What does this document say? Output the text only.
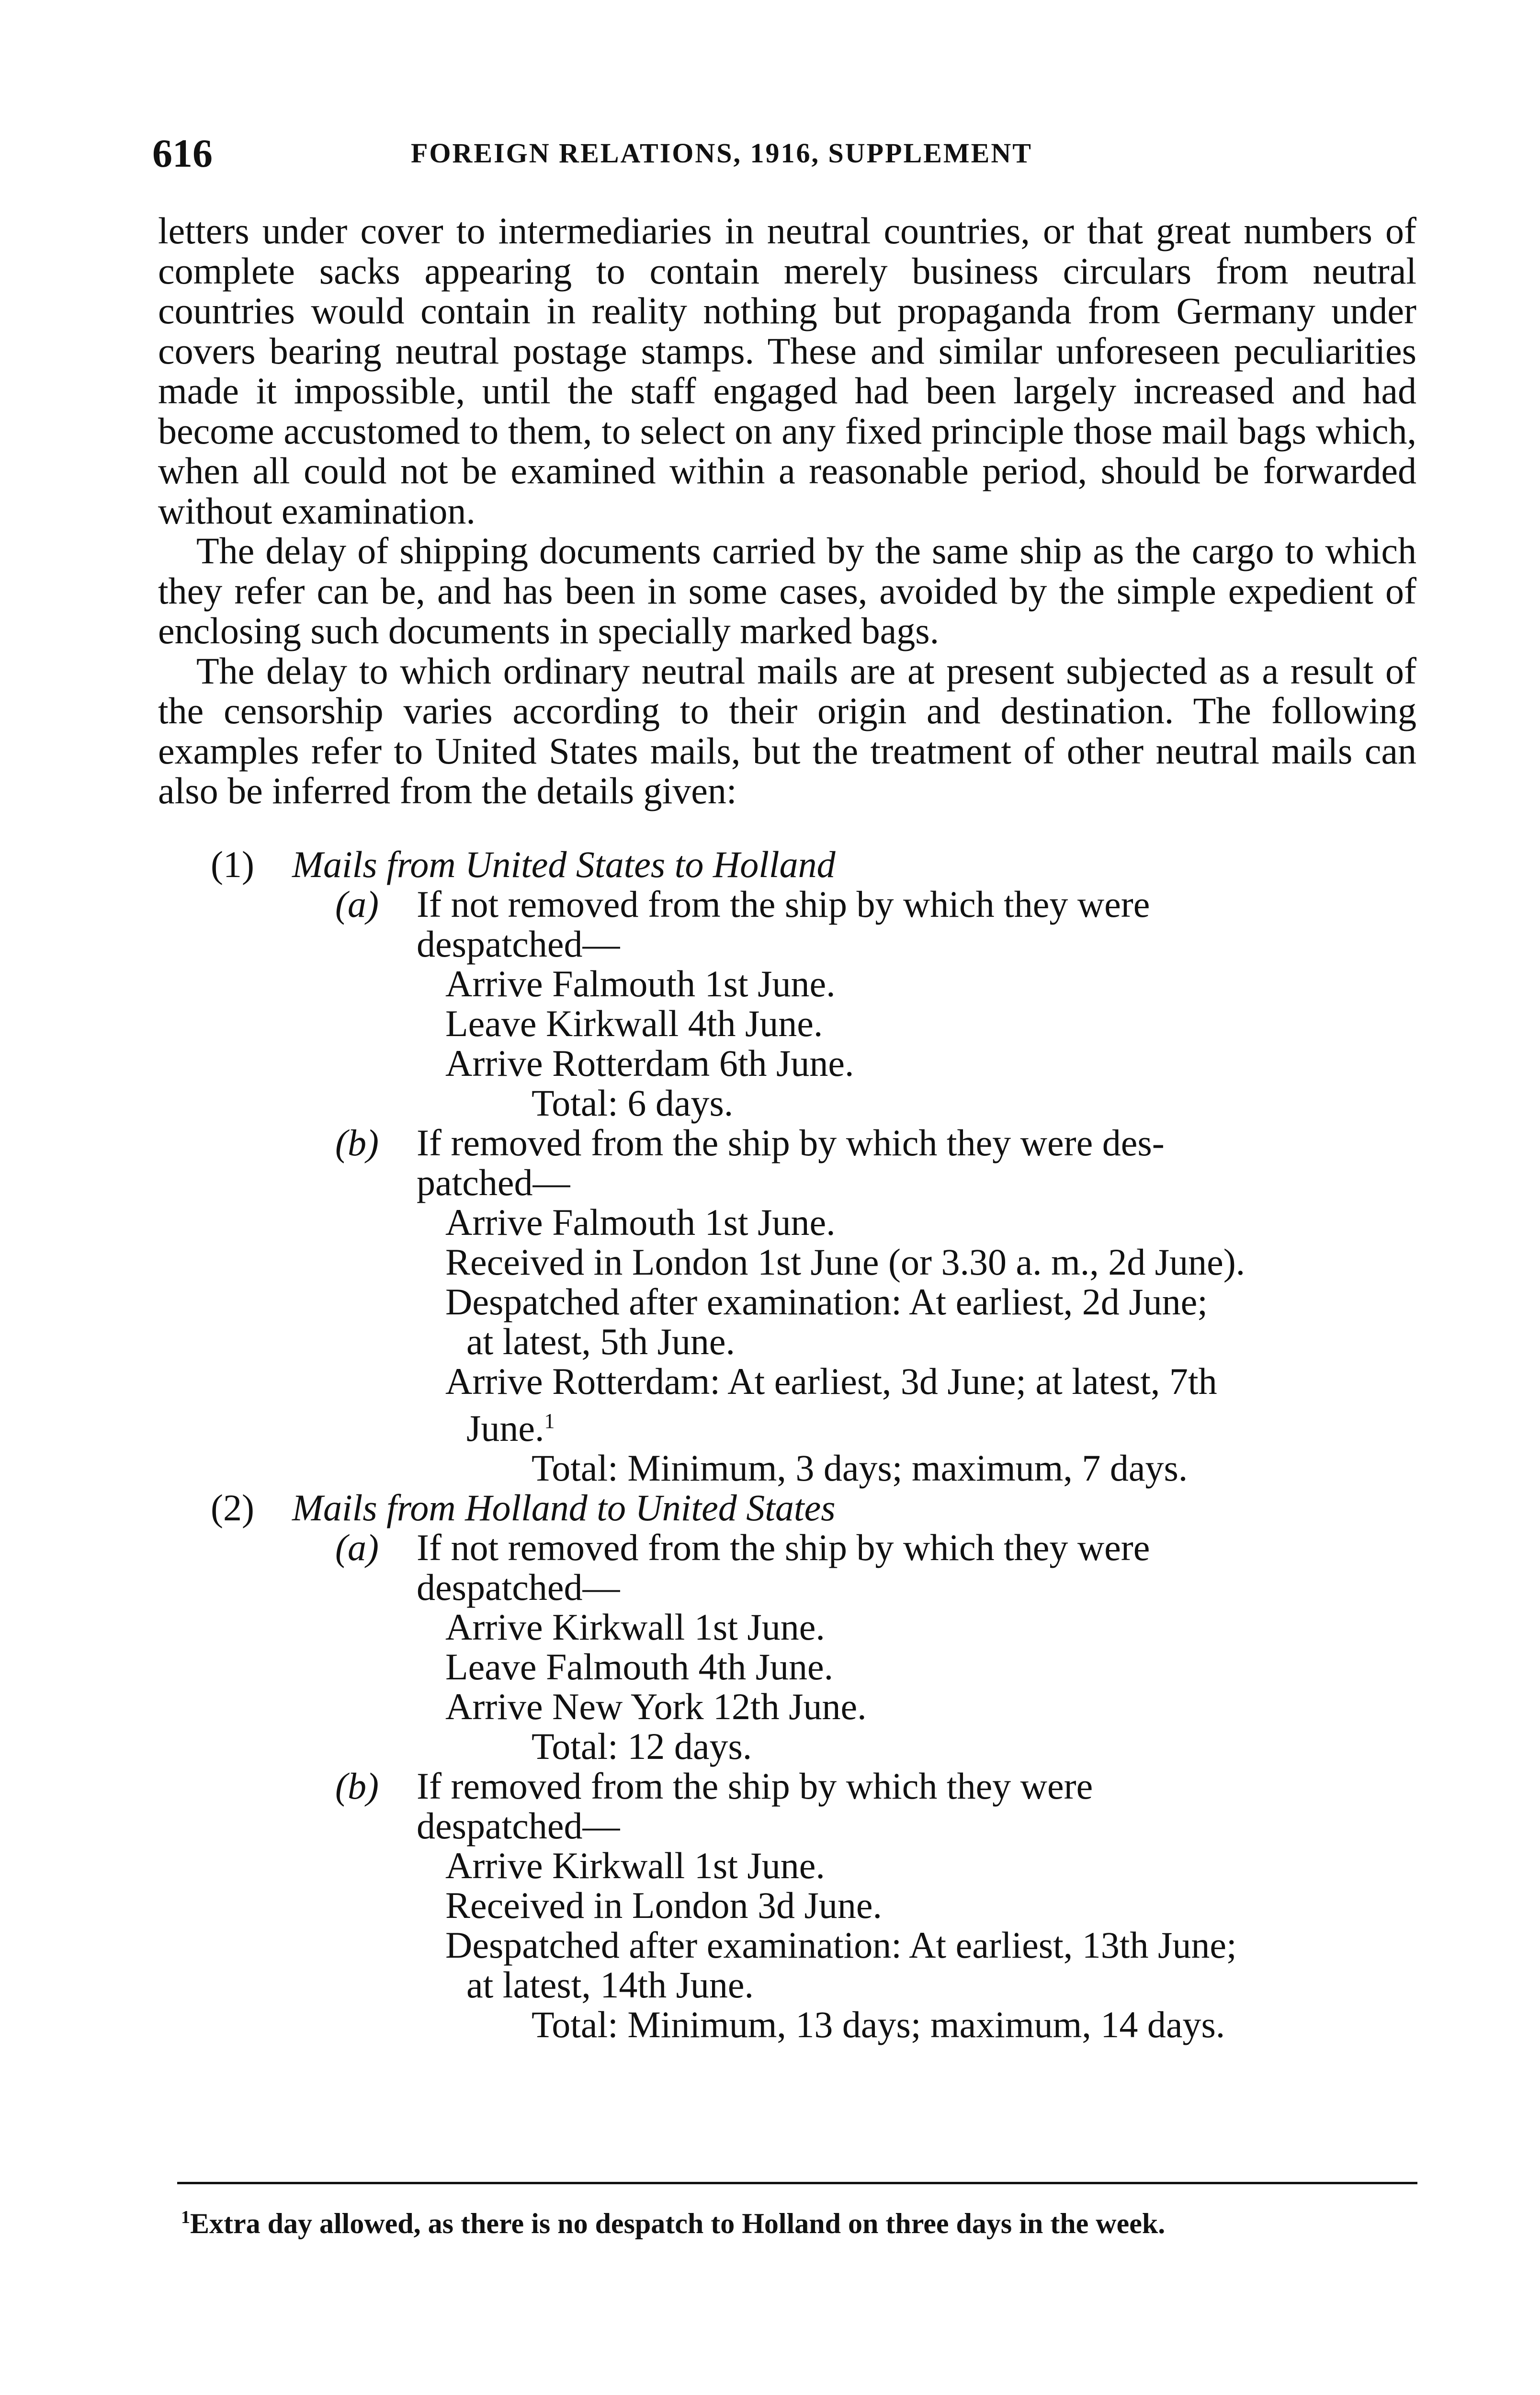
616	FOREIGN RELATIONS, 1916, SUPPLEMENT

letters under cover to intermediaries in neutral countries, or that great numbers of complete sacks appearing to contain merely business circulars from neutral countries would contain in reality nothing but propaganda from Germany under covers bearing neutral postage stamps. These and similar unforeseen peculiarities made it impossible, until the staff engaged had been largely increased and had become accustomed to them, to select on any fixed principle those mail bags which, when all could not be examined within a reasonable period, should be forwarded without examination.

The delay of shipping documents carried by the same ship as the cargo to which they refer can be, and has been in some cases, avoided by the simple expedient of enclosing such documents in specially marked bags.

The delay to which ordinary neutral mails are at present subjected as a result of the censorship varies according to their origin and destination. The following examples refer to United States mails, but the treatment of other neutral mails can also be inferred from the details given:

(1) Mails from United States to Holland
(a) If not removed from the ship by which they were
despatched—
Arrive Falmouth 1st June.
Leave Kirkwall 4th June.
Arrive Rotterdam 6th June.
Total: 6 days.
(b) If removed from the ship by which they were des-
patched—
Arrive Falmouth 1st June.
Received in London 1st June (or 3.30 a. m., 2d June).
Despatched after examination: At earliest, 2d June;
at latest, 5th June.
Arrive Rotterdam: At earliest, 3d June; at latest, 7th
June.$^1$
Total: Minimum, 3 days; maximum, 7 days.
(2) Mails from Holland to United States
(a) If not removed from the ship by which they were
despatched—
Arrive Kirkwall 1st June.
Leave Falmouth 4th June.
Arrive New York 12th June.
Total: 12 days.
(b) If removed from the ship by which they were
despatched—
Arrive Kirkwall 1st June.
Received in London 3d June.
Despatched after examination: At earliest, 13th June;
at latest, 14th June.
Total: Minimum, 13 days; maximum, 14 days.
$^1$Extra day allowed, as there is no despatch to Holland on three days in the week.
